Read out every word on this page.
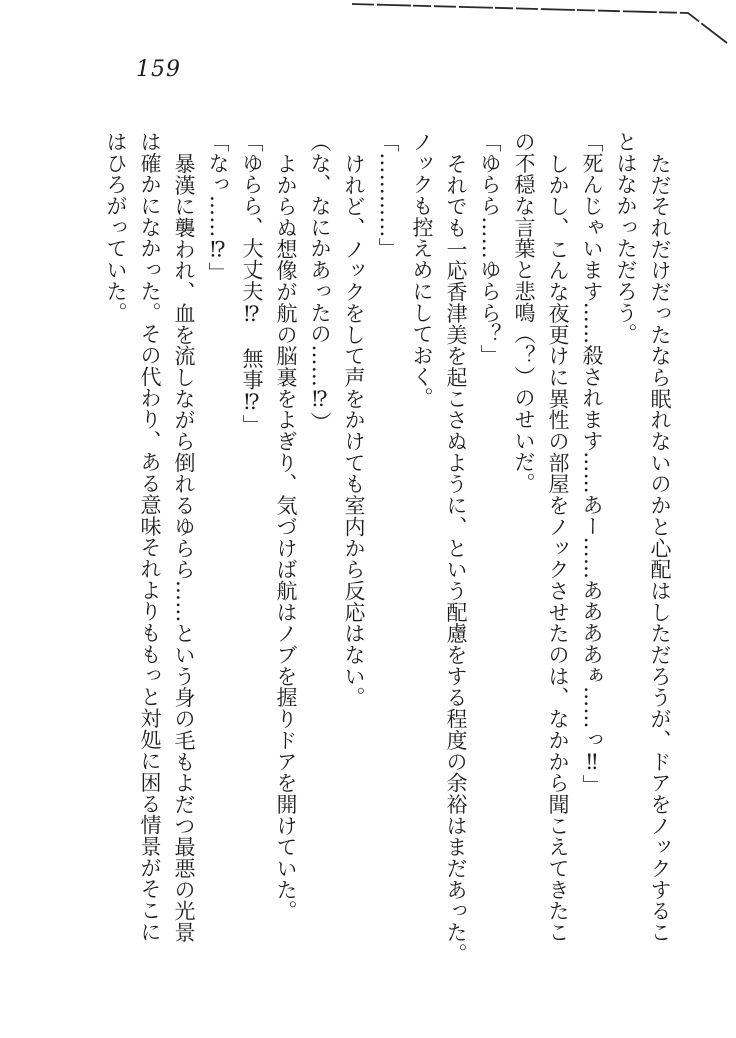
159

ただそれだけだったなら眠れないのかと心配はしただろうが、ドアをノックするこ

とはなかっただろう。

「死んじゃいます……殺されます……あー……ああああぁ……っ‼」

しかし、こんな夜更けに異性の部屋をノックさせたのは、なかから聞こえてきたこ

の不穏な言葉と悲鳴（？）のせいだ。

「ゆらら……ゆらら？」

それでも一応香津美を起こさぬように、という配慮をする程度の余裕はまだあった。

ノックも控えめにしておく。

「…………」

けれど、ノックをして声をかけても室内から反応はない。

（な、なにかあったの……⁉）

よからぬ想像が航の脳裏をよぎり、気づけば航はノブを握りドアを開けていた。

「ゆらら、大丈夫⁉　無事⁉」

「なっ……⁉」

暴漢に襲われ、血を流しながら倒れるゆらら……という身の毛もよだつ最悪の光景

は確かになかった。その代わり、ある意味それよりももっと対処に困る情景がそこに

はひろがっていた。
